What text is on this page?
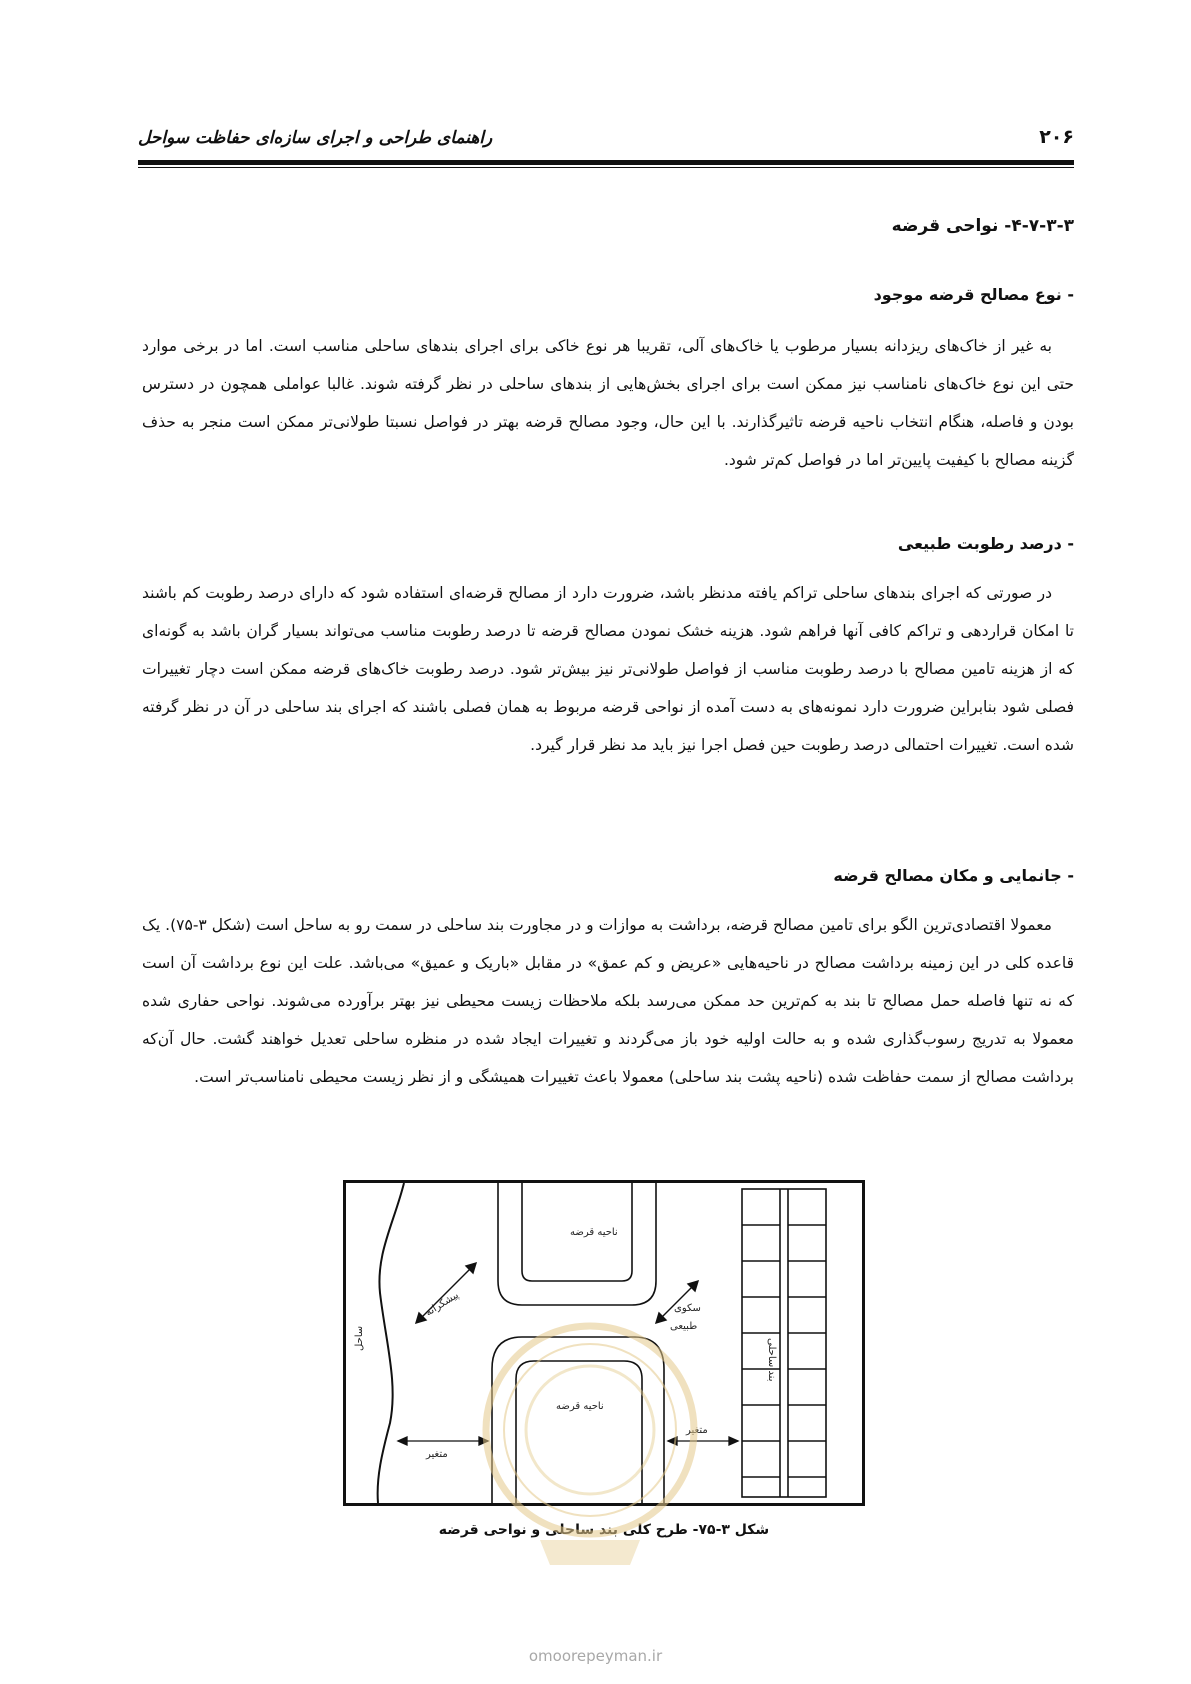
۲۰۶
راهنمای طراحی و اجرای سازه‌ای حفاظت سواحل
۴-۷-۳-۳- نواحی قرضه
- نوع مصالح قرضه موجود

به غیر از خاک‌های ریزدانه بسیار مرطوب یا خاک‌های آلی، تقریبا هر نوع خاکی برای اجرای بندهای ساحلی مناسب است. اما در برخی موارد حتی این نوع خاک‌های نامناسب نیز ممکن است برای اجرای بخش‌هایی از بندهای ساحلی در نظر گرفته شوند. غالبا عواملی همچون در دسترس بودن و فاصله، هنگام انتخاب ناحیه قرضه تاثیرگذارند. با این حال، وجود مصالح قرضه بهتر در فواصل نسبتا طولانی‌تر ممکن است منجر به حذف گزینه مصالح با کیفیت پایین‌تر اما در فواصل کم‌تر شود.

- درصد رطوبت طبیعی

در صورتی که اجرای بندهای ساحلی تراکم یافته مدنظر باشد، ضرورت دارد از مصالح قرضه‌ای استفاده شود که دارای درصد رطوبت کم باشند تا امکان قراردهی و تراکم کافی آنها فراهم شود. هزینه خشک نمودن مصالح قرضه تا درصد رطوبت مناسب می‌تواند بسیار گران باشد به گونه‌ای که از هزینه تامین مصالح با درصد رطوبت مناسب از فواصل طولانی‌تر نیز بیش‌تر شود. درصد رطوبت خاک‌های قرضه ممکن است دچار تغییرات فصلی شود بنابراین ضرورت دارد نمونه‌های به دست آمده از نواحی قرضه مربوط به همان فصلی باشند که اجرای بند ساحلی در آن در نظر گرفته شده است. تغییرات احتمالی درصد رطوبت حین فصل اجرا نیز باید مد نظر قرار گیرد.

- جانمایی و مکان مصالح قرضه

معمولا اقتصادی‌ترین الگو برای تامین مصالح قرضه، برداشت به موازات و در مجاورت بند ساحلی در سمت رو به ساحل است (شکل ۳-۷۵). یک قاعده کلی در این زمینه برداشت مصالح در ناحیه‌هایی «عریض و کم عمق» در مقابل «باریک و عمیق» می‌باشد. علت این نوع برداشت آن است که نه تنها فاصله حمل مصالح تا بند به کم‌ترین حد ممکن می‌رسد بلکه ملاحظات زیست محیطی نیز بهتر برآورده می‌شوند. نواحی حفاری شده معمولا به تدریج رسوب‌گذاری شده و به حالت اولیه خود باز می‌گردند و تغییرات ایجاد شده در منظره ساحلی تعدیل خواهند گشت. حال آن‌که برداشت مصالح از سمت حفاظت شده (ناحیه پشت بند ساحلی) معمولا باعث تغییرات همیشگی و از نظر زیست محیطی نامناسب‌تر است.

ساحل	بند ساحلی
ناحیه قرضه
ناحیه قرضه
پیشکرانه	سکوی
طبیعی
متغیر
متغیر
شکل ۳-۷۵- طرح کلی بند ساحلی و نواحی قرضه
omoorepeyman.ir
